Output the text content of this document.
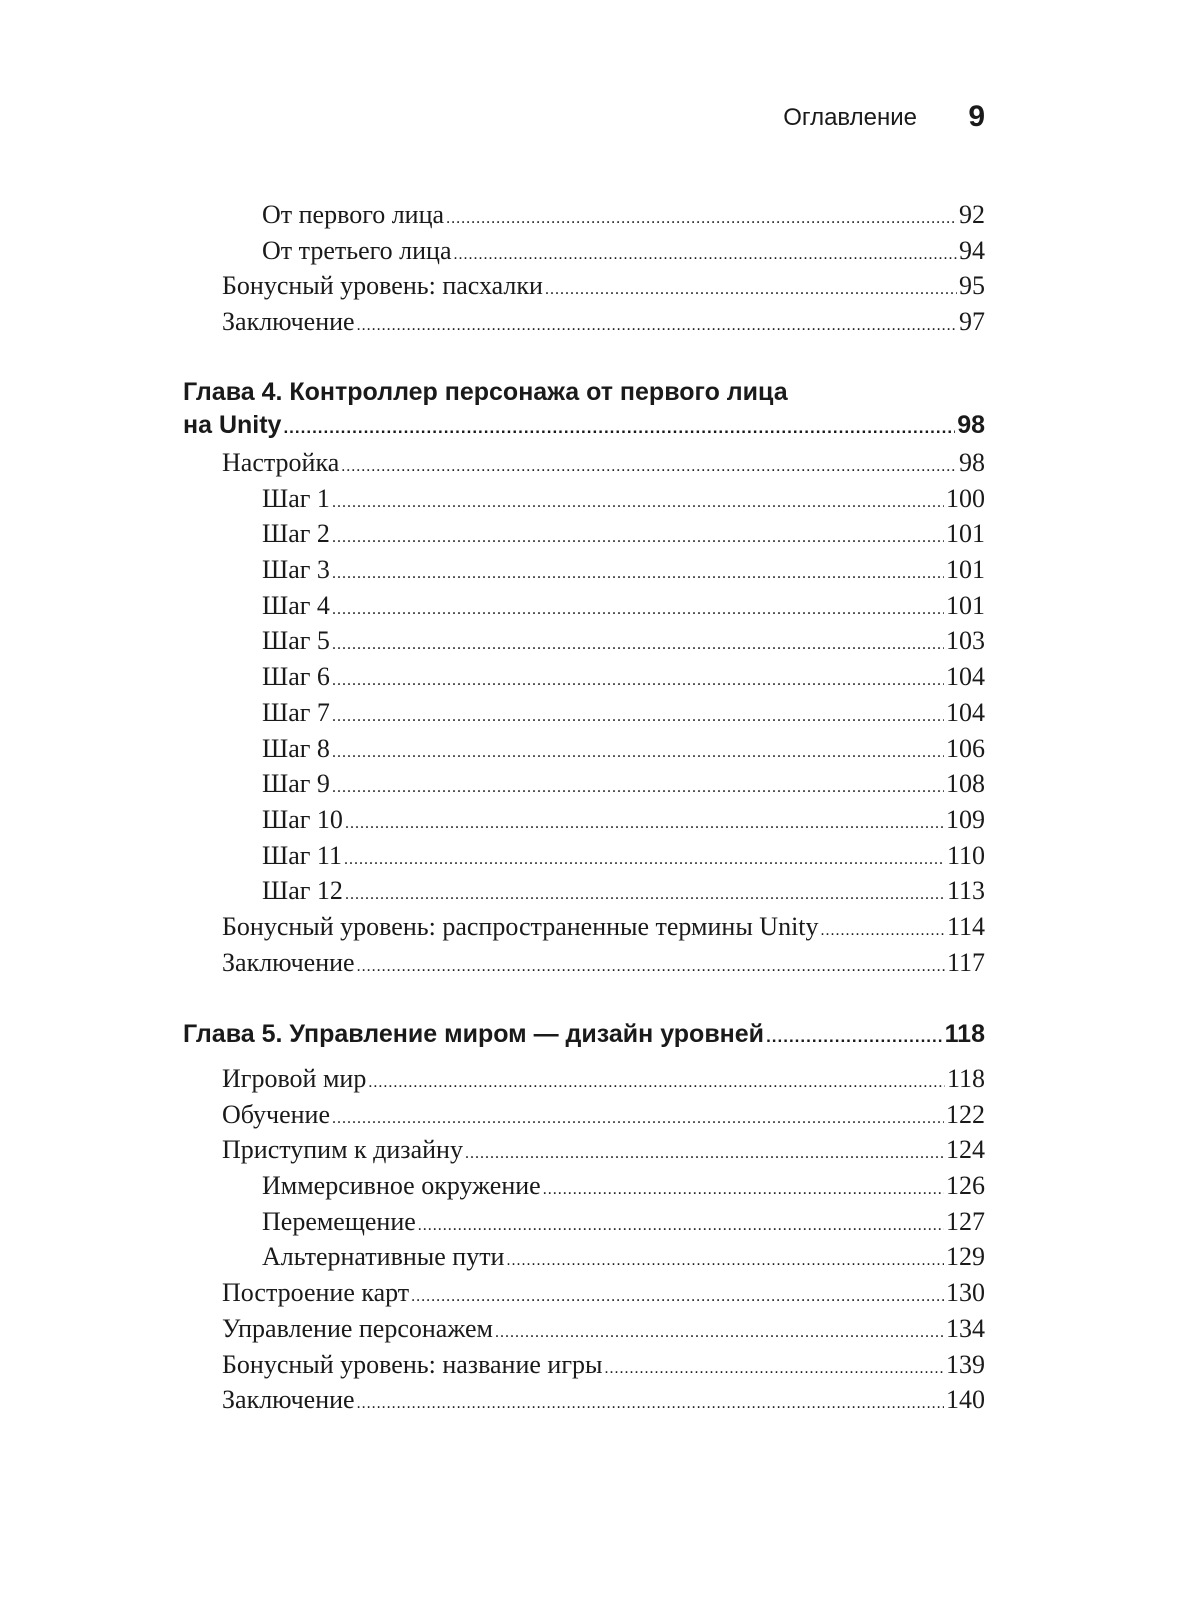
Оглавление 9
От первого лица .....	92
От третьего лица .....	94
Бонусный уровень: пасхалки .....	95
Заключение .....	97
Глава 4. Контроллер персонажа от первого лица
на Unity .....	98
Настройка .....	98
Шаг 1 .....	100
Шаг 2 .....	101
Шаг 3 .....	101
Шаг 4 .....	101
Шаг 5 .....	103
Шаг 6 .....	104
Шаг 7 .....	104
Шаг 8 .....	106
Шаг 9 .....	108
Шаг 10 .....	109
Шаг 11 .....	110
Шаг 12 .....	113
Бонусный уровень: распространенные термины Unity .....	114
Заключение .....	117
Глава 5. Управление миром — дизайн уровней .....	118
Игровой мир .....	118
Обучение .....	122
Приступим к дизайну .....	124
Иммерсивное окружение .....	126
Перемещение .....	127
Альтернативные пути .....	129
Построение карт .....	130
Управление персонажем .....	134
Бонусный уровень: название игры .....	139
Заключение .....	140
